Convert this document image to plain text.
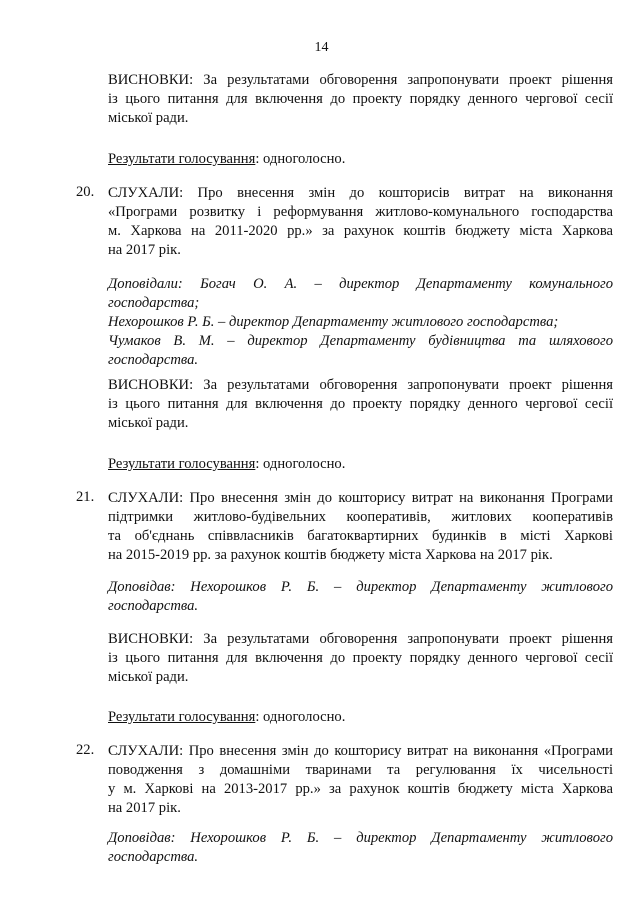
14
ВИСНОВКИ: За результатами обговорення запропонувати проект рішення
із цього питання для включення до проекту порядку денного чергової сесії
міської ради.
Результати голосування: одноголосно.
20. СЛУХАЛИ: Про внесення змін до кошторисів витрат на виконання
«Програми розвитку і реформування житлово-комунального господарства
м. Харкова на 2011-2020 рр.» за рахунок коштів бюджету міста Харкова
на 2017 рік.
Доповідали: Богач О. А. – директор Департаменту комунального
господарства;
Нехорошков Р. Б. – директор Департаменту житлового господарства;
Чумаков В. М. – директор Департаменту будівництва та шляхового
господарства.
ВИСНОВКИ: За результатами обговорення запропонувати проект рішення
із цього питання для включення до проекту порядку денного чергової сесії
міської ради.
Результати голосування: одноголосно.
21. СЛУХАЛИ: Про внесення змін до кошторису витрат на виконання Програми
підтримки житлово-будівельних кооперативів, житлових кооперативів
та об'єднань співвласників багатоквартирних будинків в місті Харкові
на 2015-2019 рр. за рахунок коштів бюджету міста Харкова на 2017 рік.
Доповідав: Нехорошков Р. Б. – директор Департаменту житлового
господарства.
ВИСНОВКИ: За результатами обговорення запропонувати проект рішення
із цього питання для включення до проекту порядку денного чергової сесії
міської ради.
Результати голосування: одноголосно.
22. СЛУХАЛИ: Про внесення змін до кошторису витрат на виконання «Програми
поводження з домашніми тваринами та регулювання їх чисельності
у м. Харкові на 2013-2017 рр.» за рахунок коштів бюджету міста Харкова
на 2017 рік.
Доповідав: Нехорошков Р. Б. – директор Департаменту житлового
господарства.
